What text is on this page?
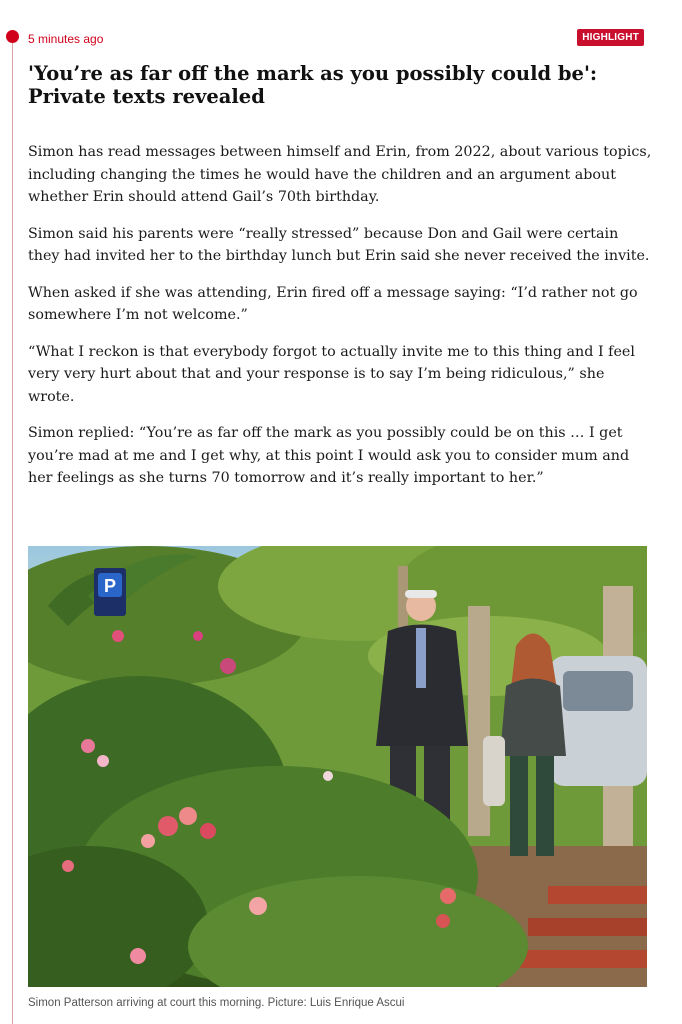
5 minutes ago	HIGHLIGHT
'You’re as far off the mark as you possibly could be': Private texts revealed

Simon has read messages between himself and Erin, from 2022, about various topics, including changing the times he would have the children and an argument about whether Erin should attend Gail’s 70th birthday.

Simon said his parents were “really stressed” because Don and Gail were certain they had invited her to the birthday lunch but Erin said she never received the invite.

When asked if she was attending, Erin fired off a message saying: “I’d rather not go somewhere I’m not welcome.”

“What I reckon is that everybody forgot to actually invite me to this thing and I feel very very hurt about that and your response is to say I’m being ridiculous,” she wrote.

Simon replied: “You’re as far off the mark as you possibly could be on this … I get you’re mad at me and I get why, at this point I would ask you to consider mum and her feelings as she turns 70 tomorrow and it’s really important to her.”

P
Simon Patterson arriving at court this morning. Picture: Luis Enrique Ascui
